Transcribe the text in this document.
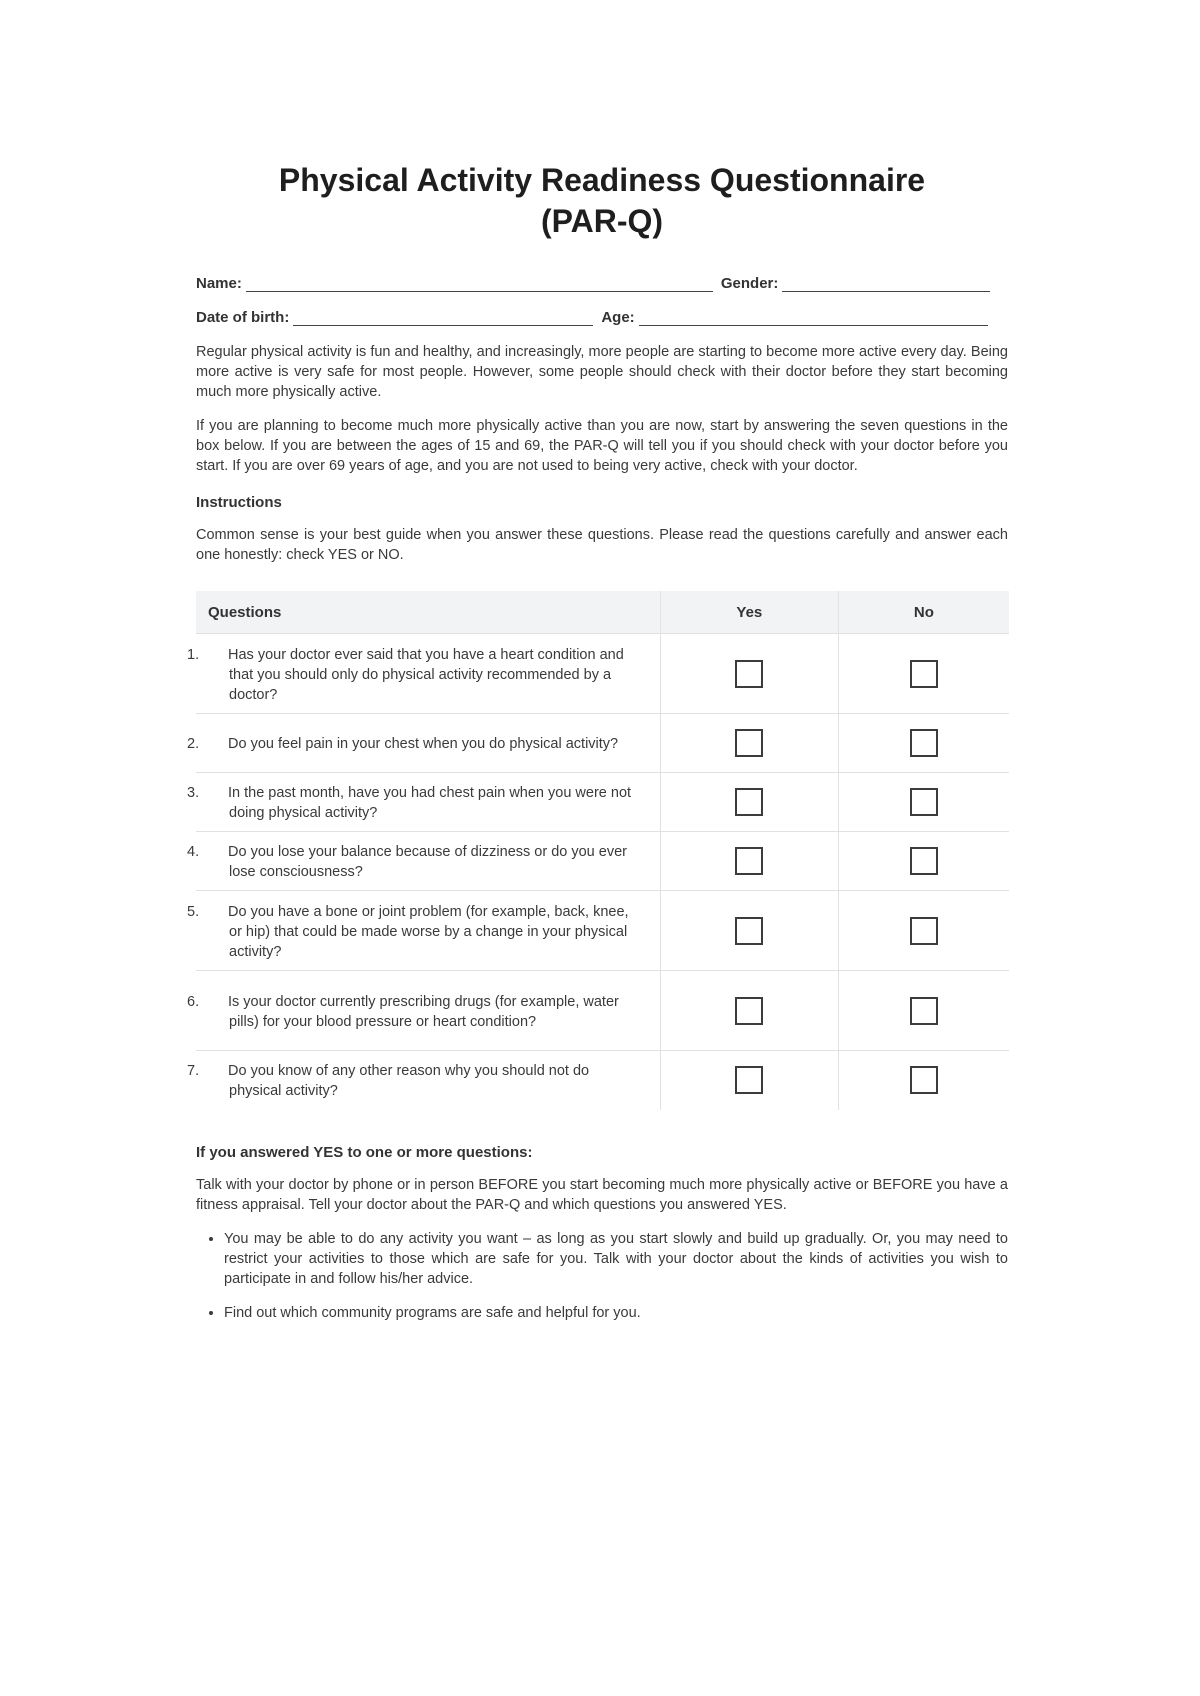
Physical Activity Readiness Questionnaire
(PAR-Q)
Name:	Gender:
Date of birth:	Age:

Regular physical activity is fun and healthy, and increasingly, more people are starting to become more active every day. Being more active is very safe for most people. However, some people should check with their doctor before they start becoming much more physically active.

If you are planning to become much more physically active than you are now, start by answering the seven questions in the box below. If you are between the ages of 15 and 69, the PAR-Q will tell you if you should check with your doctor before you start. If you are over 69 years of age, and you are not used to being very active, check with your doctor.

Instructions

Common sense is your best guide when you answer these questions. Please read the questions carefully and answer each one honestly: check YES or NO.

Questions	Yes	No

1. Has your doctor ever said that you have a heart condition and that you should only do physical activity recommended by a doctor?		

2. Do you feel pain in your chest when you do physical activity?		

3. In the past month, have you had chest pain when you were not doing physical activity?		

4. Do you lose your balance because of dizziness or do you ever lose consciousness?		

5. Do you have a bone or joint problem (for example, back, knee, or hip) that could be made worse by a change in your physical activity?		

6. Is your doctor currently prescribing drugs (for example, water pills) for your blood pressure or heart condition?		

7. Do you know of any other reason why you should not do physical activity?		

If you answered YES to one or more questions:

Talk with your doctor by phone or in person BEFORE you start becoming much more physically active or BEFORE you have a fitness appraisal. Tell your doctor about the PAR-Q and which questions you answered YES.

• You may be able to do any activity you want – as long as you start slowly and build up gradually. Or, you may need to restrict your activities to those which are safe for you. Talk with your doctor about the kinds of activities you wish to participate in and follow his/her advice.
• Find out which community programs are safe and helpful for you.
